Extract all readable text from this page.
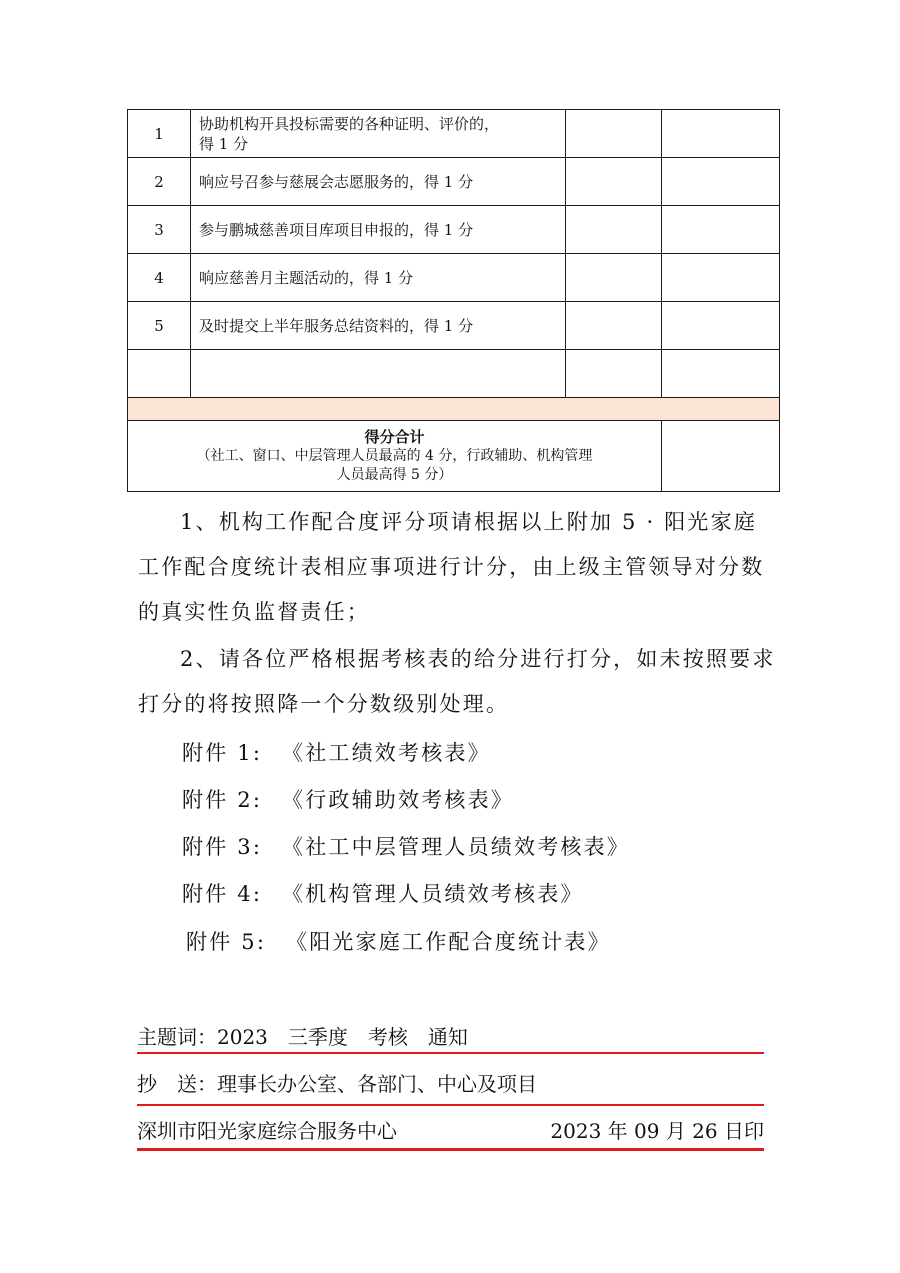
1	协助机构开具投标需要的各种证明、评价的，
得 1 分		

2	响应号召参与慈展会志愿服务的，得 1 分		
3	参与鹏城慈善项目库项目申报的，得 1 分		
4	响应慈善月主题活动的，得 1 分		
5	及时提交上半年服务总结资料的，得 1 分		

得分合计
（社工、窗口、中层管理人员最高的 4 分，行政辅助、机构管理
人员最高得 5 分）			

1、机构工作配合度评分项请根据以上附加 5 · 阳光家庭工作配合度统计表相应事项进行计分，由上级主管领导对分数的真实性负监督责任；

2、请各位严格根据考核表的给分进行打分，如未按照要求打分的将按照降一个分数级别处理。

附件 1: 《社工绩效考核表》
附件 2: 《行政辅助效考核表》
附件 3: 《社工中层管理人员绩效考核表》
附件 4: 《机构管理人员绩效考核表》
附件 5: 《阳光家庭工作配合度统计表》
主题词：2023　三季度　考核　通知
抄　送：理事长办公室、各部门、中心及项目
深圳市阳光家庭综合服务中心	2023 年 09 月 26 日印
